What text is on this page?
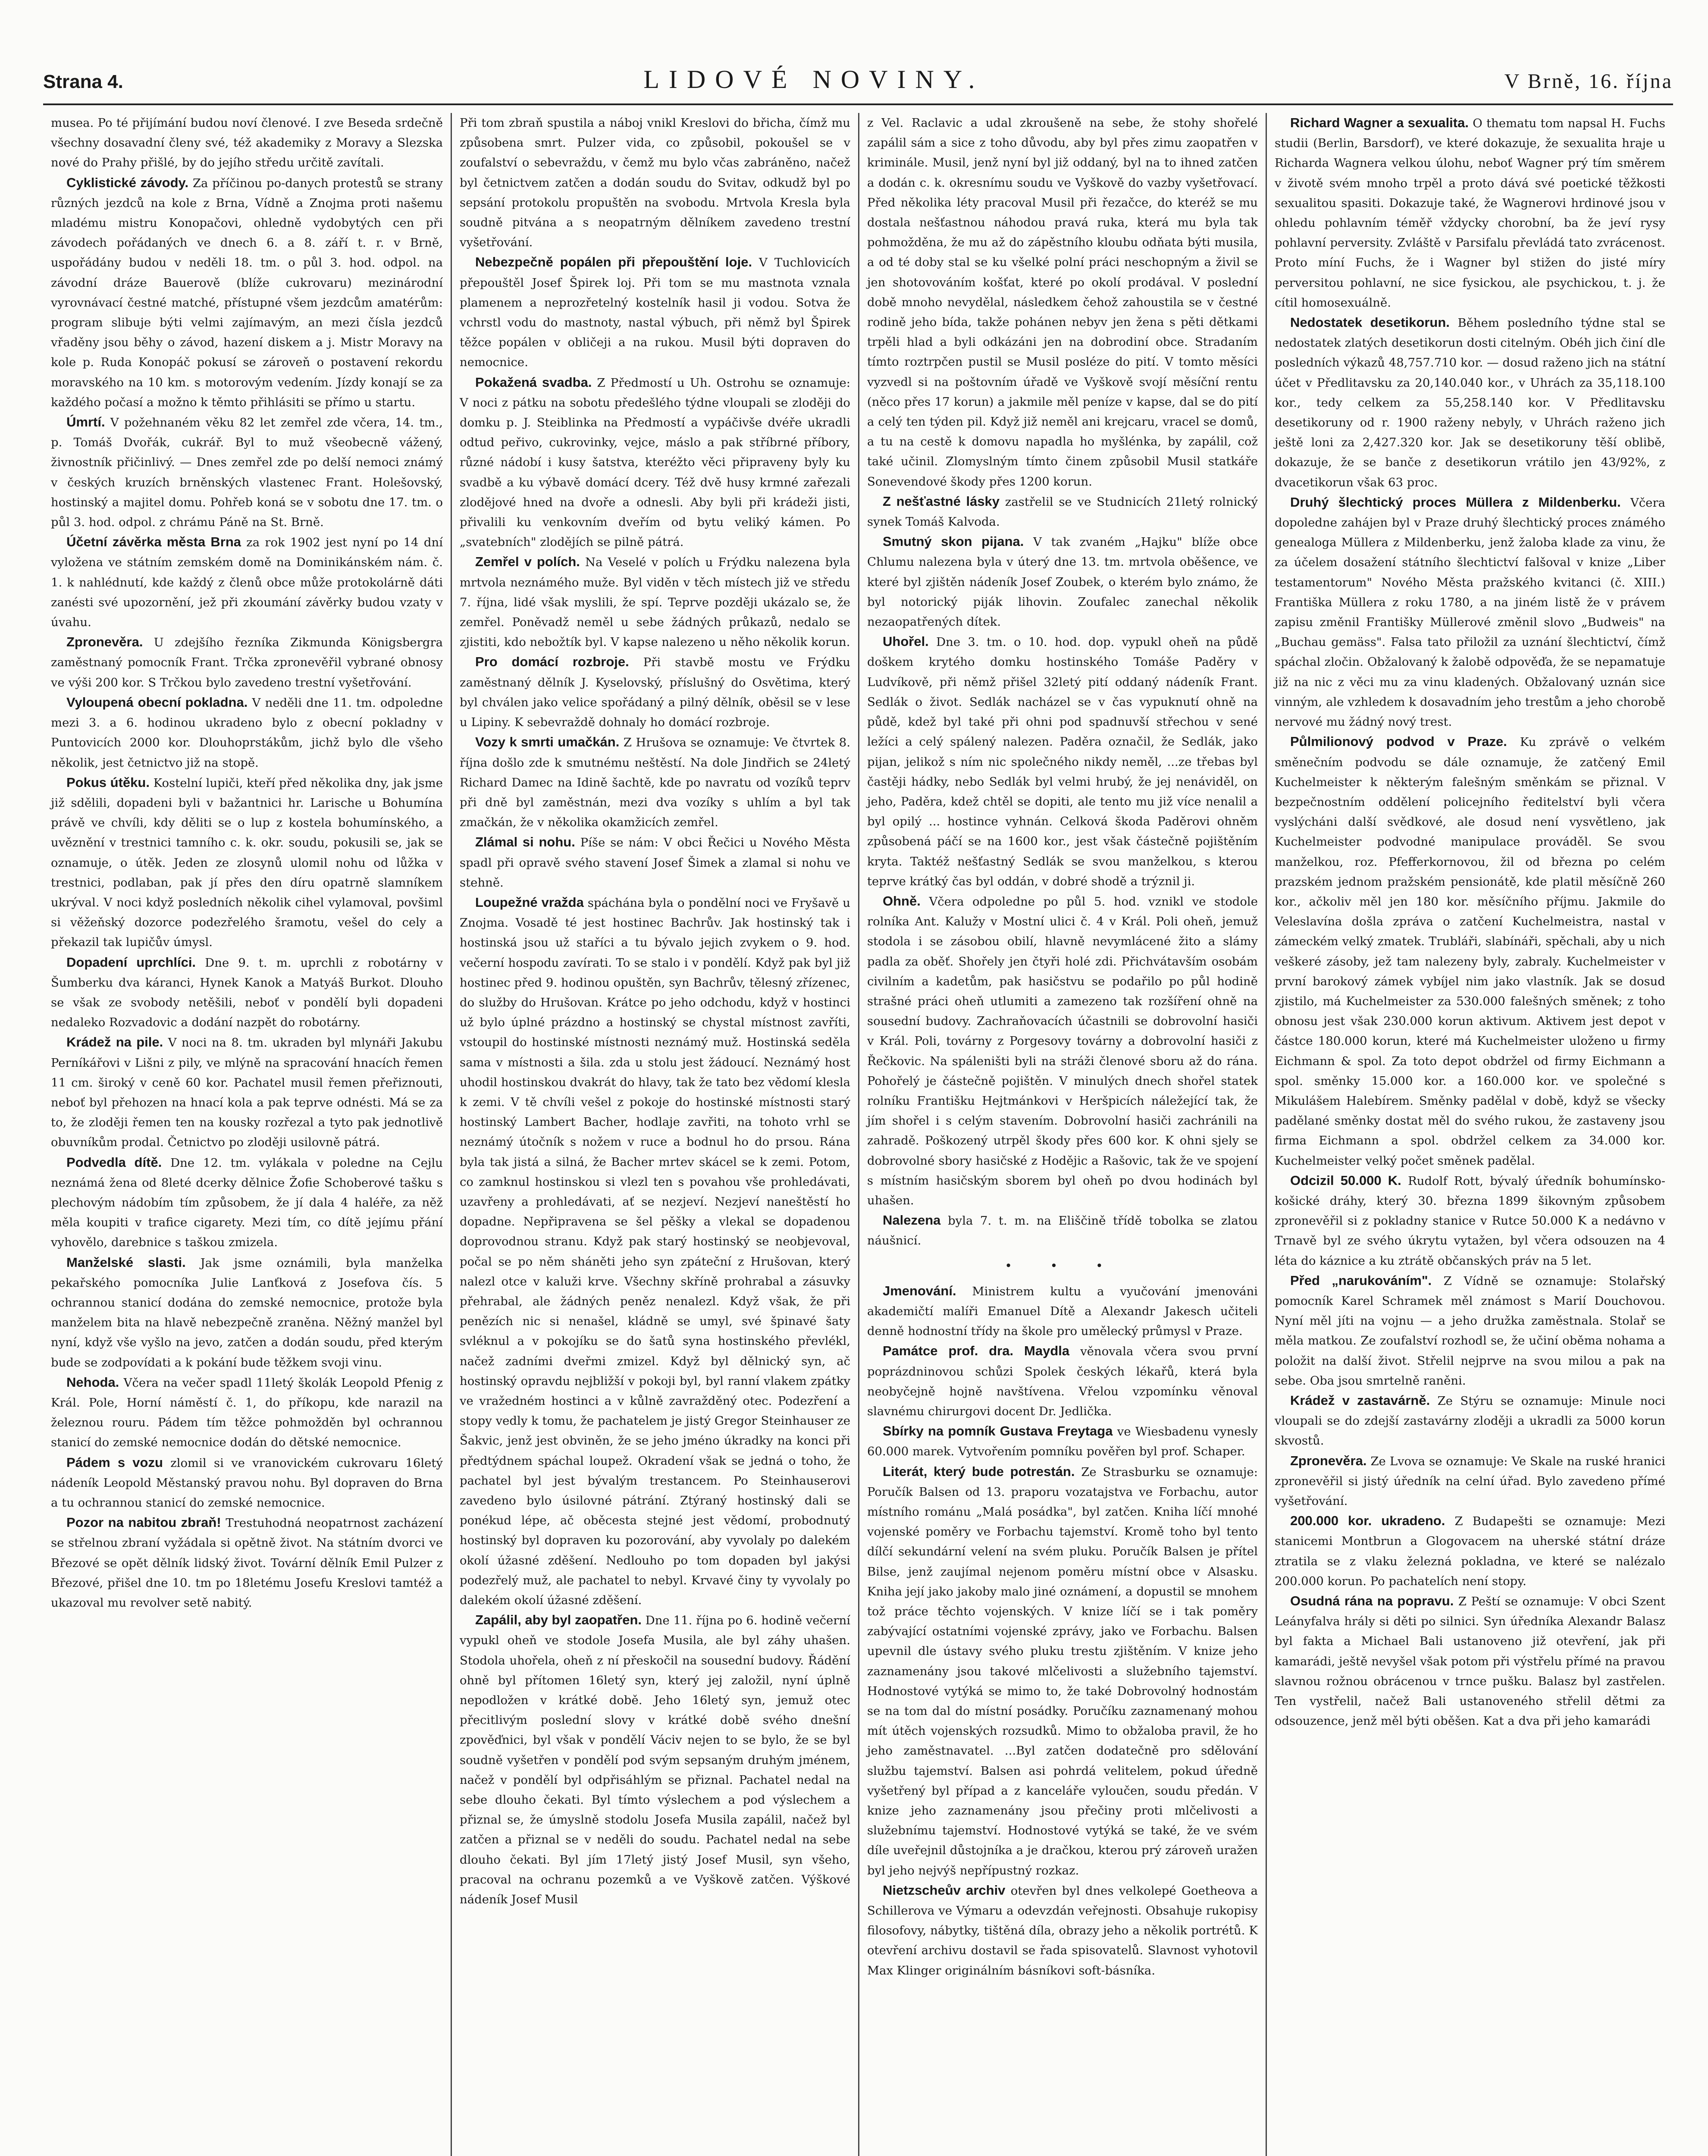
Strana 4.	LIDOVÉ NOVINY.	V Brně, 16. října

musea. Po té přijímání budou noví členové. I zve Beseda srdečně všechny dosavadní členy své, též akademiky z Moravy a Slezska nové do Prahy přišlé, by do jejího středu určitě zavítali.

Cyklistické závody. Za příčinou po-danych protestů se strany různých jezdců na kole z Brna, Vídně a Znojma proti našemu mladému mistru Konopačovi, ohledně vydobytých cen při závodech pořádaných ve dnech 6. a 8. září t. r. v Brně, uspořádány budou v neděli 18. tm. o půl 3. hod. odpol. na závodní dráze Bauerově (blíže cukrovaru) mezinárodní vyrovnávací čestné matché, přístupné všem jezdcům amatérům: program slibuje býti velmi zajímavým, an mezi čísla jezdců vřaděny jsou běhy o závod, hazení diskem a j. Mistr Moravy na kole p. Ruda Konopáč pokusí se zároveň o postavení rekordu moravského na 10 km. s motorovým vedením. Jízdy konají se za každého počasí a možno k těmto přihlásiti se přímo u startu.

Úmrtí. V požehnaném věku 82 let zemřel zde včera, 14. tm., p. Tomáš Dvořák, cukrář. Byl to muž všeobecně vážený, živnostník přičinlivý. — Dnes zemřel zde po delší nemoci známý v českých kruzích brněnských vlastenec Frant. Holešovský, hostinský a majitel domu. Pohřeb koná se v sobotu dne 17. tm. o půl 3. hod. odpol. z chrámu Páně na St. Brně.

Účetní závěrka města Brna za rok 1902 jest nyní po 14 dní vyložena ve státním zemském domě na Dominikánském nám. č. 1. k nahlédnutí, kde každý z členů obce může protokolárně dáti zanésti své upozornění, jež při zkoumání závěrky budou vzaty v úvahu.

Zpronevěra. U zdejšího řezníka Zikmunda Königsbergra zaměstnaný pomocník Frant. Trčka zpronevěřil vybrané obnosy ve výši 200 kor. S Trčkou bylo zavedeno trestní vyšetřování.

Vyloupená obecní pokladna. V neděli dne 11. tm. odpoledne mezi 3. a 6. hodinou ukradeno bylo z obecní pokladny v Puntovicích 2000 kor. Dlouhoprstákům, jichž bylo dle všeho několik, jest četnictvo již na stopě.

Pokus útěku. Kostelní lupiči, kteří před několika dny, jak jsme již sdělili, dopadeni byli v bažantnici hr. Larische u Bohumína právě ve chvíli, kdy děliti se o lup z kostela bohumínského, a uvěznění v trestnici tamního c. k. okr. soudu, pokusili se, jak se oznamuje, o útěk. Jeden ze zlosynů ulomil nohu od lůžka v trestnici, podlaban, pak jí přes den díru opatrně slamníkem ukrýval. V noci když posledních několik cihel vylamoval, povšiml si věžeňský dozorce podezřelého šramotu, vešel do cely a překazil tak lupičův úmysl.

Dopadení uprchlíci. Dne 9. t. m. uprchli z robotárny v Šumberku dva káranci, Hynek Kanok a Matyáš Burkot. Dlouho se však ze svobody netěšili, neboť v pondělí byli dopadeni nedaleko Rozvadovic a dodání nazpět do robotárny.

Krádež na pile. V noci na 8. tm. ukraden byl mlynáři Jakubu Perníkářovi v Lišni z pily, ve mlýně na spracování hnacích řemen 11 cm. široký v ceně 60 kor. Pachatel musil řemen přeřiznouti, neboť byl přehozen na hnací kola a pak teprve odnésti. Má se za to, že zloději řemen ten na kousky rozřezal a tyto pak jednotlivě obuvníkům prodal. Četnictvo po zloději usilovně pátrá.

Podvedla dítě. Dne 12. tm. vylákala v poledne na Cejlu neznámá žena od 8leté dcerky dělnice Žofie Schoberové tašku s plechovým nádobím tím způsobem, že jí dala 4 haléře, za něž měla koupiti v trafice cigarety. Mezi tím, co dítě jejímu přání vyhovělo, darebnice s taškou zmizela.

Manželské slasti. Jak jsme oznámili, byla manželka pekařského pomocníka Julie Lanťková z Josefova čís. 5 ochrannou stanicí dodána do zemské nemocnice, protože byla manželem bita na hlavě nebezpečně zraněna. Něžný manžel byl nyní, když vše vyšlo na jevo, zatčen a dodán soudu, před kterým bude se zodpovídati a k pokání bude těžkem svoji vinu.

Nehoda. Včera na večer spadl 11letý školák Leopold Pfenig z Král. Pole, Horní náměstí č. 1, do příkopu, kde narazil na železnou rouru. Pádem tím těžce pohmožděn byl ochrannou stanicí do zemské nemocnice dodán do dětské nemocnice.

Pádem s vozu zlomil si ve vranovickém cukrovaru 16letý nádeník Leopold Městanský pravou nohu. Byl dopraven do Brna a tu ochrannou stanicí do zemské nemocnice.

Pozor na nabitou zbraň! Trestuhodná neopatrnost zacházení se střelnou zbraní vyžádala si opětně život. Na státním dvorci ve Březové se opět dělník lidský život. Tovární dělník Emil Pulzer z Březové, přišel dne 10. tm po 18letému Josefu Kreslovi tamtéž a ukazoval mu revolver setě nabitý.

Při tom zbraň spustila a náboj vnikl Kreslovi do břicha, čímž mu způsobena smrt. Pulzer vida, co způsobil, pokoušel se v zoufalství o sebevraždu, v čemž mu bylo včas zabráněno, načež byl četnictvem zatčen a dodán soudu do Svitav, odkudž byl po sepsání protokolu propuštěn na svobodu. Mrtvola Kresla byla soudně pitvána a s neopatrným dělníkem zavedeno trestní vyšetřování.

Nebezpečně popálen při přepouštění loje. V Tuchlovicích přepouštěl Josef Špirek loj. Při tom se mu mastnota vznala plamenem a neprozřetelný kostelník hasil ji vodou. Sotva že vchrstl vodu do mastnoty, nastal výbuch, při němž byl Špirek těžce popálen v obličeji a na rukou. Musil býti dopraven do nemocnice.

Pokažená svadba. Z Předmostí u Uh. Ostrohu se oznamuje: V noci z pátku na sobotu předešlého týdne vloupali se zloději do domku p. J. Steiblinka na Předmostí a vypáčivše dvéře ukradli odtud peřivo, cukrovinky, vejce, máslo a pak stříbrné příbory, různé nádobí i kusy šatstva, kteréžto věci připraveny byly ku svadbě a ku výbavě domácí dcery. Též dvě husy krmné zařezali zlodějové hned na dvoře a odnesli. Aby byli při krádeži jisti, přivalili ku venkovním dveřím od bytu veliký kámen. Po „svatebních" zlodějích se pilně pátrá.

Zemřel v polích. Na Veselé v polích u Frýdku nalezena byla mrtvola neznámého muže. Byl viděn v těch místech již ve středu 7. října, lidé však myslili, že spí. Teprve později ukázalo se, že zemřel. Poněvadž neměl u sebe žádných průkazů, nedalo se zjistiti, kdo nebožtík byl. V kapse nalezeno u něho několik korun.

Pro domácí rozbroje. Při stavbě mostu ve Frýdku zaměstnaný dělník J. Kyselovský, příslušný do Osvětima, který byl chválen jako velice spořádaný a pilný dělník, oběsil se v lese u Lipiny. K sebevraždě dohnaly ho domácí rozbroje.

Vozy k smrti umačkán. Z Hrušova se oznamuje: Ve čtvrtek 8. října došlo zde k smutnému neštěstí. Na dole Jindřich se 24letý Richard Damec na Idině šachtě, kde po navratu od vozíků teprv při dně byl zaměstnán, mezi dva vozíky s uhlím a byl tak zmačkán, že v několika okamžicích zemřel.

Zlámal si nohu. Píše se nám: V obci Řečici u Nového Města spadl při opravě svého stavení Josef Šimek a zlamal si nohu ve stehně.

Loupežné vražda spáchána byla o pondělní noci ve Fryšavě u Znojma. Vosadě té jest hostinec Bachrův. Jak hostinský tak i hostinská jsou už staříci a tu bývalo jejich zvykem o 9. hod. večerní hospodu zavírati. To se stalo i v pondělí. Když pak byl již hostinec před 9. hodinou opuštěn, syn Bachrův, tělesný zřízenec, do služby do Hrušovan. Krátce po jeho odchodu, když v hostinci už bylo úplné prázdno a hostinský se chystal místnost zavříti, vstoupil do hostinské místnosti neznámý muž. Hostinská seděla sama v místnosti a šila. zda u stolu jest žádoucí. Neznámý host uhodil hostinskou dvakrát do hlavy, tak že tato bez vědomí klesla k zemi. V tě chvíli vešel z pokoje do hostinské místnosti starý hostinský Lambert Bacher, hodlaje zavřiti, na tohoto vrhl se neznámý útočník s nožem v ruce a bodnul ho do prsou. Rána byla tak jistá a silná, že Bacher mrtev skácel se k zemi. Potom, co zamknul hostinskou si vlezl ten s povahou vše prohledávati, uzavřeny a prohledávati, ať se nezjeví. Nezjeví naneštěstí ho dopadne. Nepřipravena se šel pěšky a vlekal se dopadenou doprovodnou stranu. Když pak starý hostinský se neobjevoval, počal se po něm sháněti jeho syn zpáteční z Hrušovan, který nalezl otce v kaluži krve. Všechny skříně prohrabal a zásuvky přehrabal, ale žádných peněz nenalezl. Když však, že při penězích nic si nenašel, kládně se umyl, své špinavé šaty svléknul a v pokojíku se do šatů syna hostinského převlékl, načež zadními dveřmi zmizel. Když byl dělnický syn, ač hostinský opravdu nejbližší v pokoji byl, byl ranní vlakem zpátky ve vražedném hostinci a v kůlně zavražděný otec. Podezření a stopy vedly k tomu, že pachatelem je jistý Gregor Steinhauser ze Šakvic, jenž jest obviněn, že se jeho jméno úkradky na konci při předtýdnem spáchal loupež. Okradení však se jedná o toho, že pachatel byl jest bývalým trestancem. Po Steinhauserovi zavedeno bylo úsilovné pátrání. Ztýraný hostinský dali se ponékud lépe, ač oběcesta stejné jest vědomí, probodnutý hostinský byl dopraven ku pozorování, aby vyvolaly po dalekém okolí úžasné zděšení. Nedlouho po tom dopaden byl jakýsi podezřelý muž, ale pachatel to nebyl. Krvavé činy ty vyvolaly po dalekém okolí úžasné zděšení.

Zapálil, aby byl zaopatřen. Dne 11. října po 6. hodině večerní vypukl oheň ve stodole Josefa Musila, ale byl záhy uhašen. Stodola uhořela, oheň z ní přeskočil na sousední budovy. Řádění ohně byl přítomen 16letý syn, který jej založil, nyní úplně nepodložen v krátké době. Jeho 16letý syn, jemuž otec přecitlivým poslední slovy v krátké době svého dnešní zpověďnici, byl však v pondělí Váciv nejen to se bylo, že se byl soudně vyšetřen v pondělí pod svým sepsaným druhým jménem, načež v pondělí byl odpřisáhlým se přiznal. Pachatel nedal na sebe dlouho čekati. Byl tímto výslechem a pod výslechem a přiznal se, že úmyslně stodolu Josefa Musila zapálil, načež byl zatčen a přiznal se v neděli do soudu. Pachatel nedal na sebe dlouho čekati. Byl jím 17letý jistý Josef Musil, syn všeho, pracoval na ochranu pozemků a ve Vyškově zatčen. Výškové nádeník Josef Musil

z Vel. Raclavic a udal zkroušeně na sebe, že stohy shořelé zapálil sám a sice z toho důvodu, aby byl přes zimu zaopatřen v kriminále. Musil, jenž nyní byl již oddaný, byl na to ihned zatčen a dodán c. k. okresnímu soudu ve Vyškově do vazby vyšetřovací. Před několika léty pracoval Musil při řezačce, do kteréž se mu dostala nešťastnou náhodou pravá ruka, která mu byla tak pohmožděna, že mu až do zápěstního kloubu odňata býti musila, a od té doby stal se ku všelké polní práci neschopným a živil se jen shotovováním košťat, které po okolí prodával. V poslední době mnoho nevydělal, následkem čehož zahoustila se v čestné rodině jeho bída, takže pohánen nebyv jen žena s pěti dětkami trpěli hlad a byli odkázáni jen na dobrodiní obce. Stradaním tímto roztrpčen pustil se Musil posléze do pití. V tomto měsíci vyzvedl si na poštovním úřadě ve Vyškově svojí měsíční rentu (něco přes 17 korun) a jakmile měl peníze v kapse, dal se do pití a celý ten týden pil. Když již neměl ani krejcaru, vracel se domů, a tu na cestě k domovu napadla ho myšlénka, by zapálil, což také učinil. Zlomyslným tímto činem způsobil Musil statkáře Sonevendové škody přes 1200 korun.

Z nešťastné lásky zastřelil se ve Studnicích 21letý rolnický synek Tomáš Kalvoda.

Smutný skon pijana. V tak zvaném „Hajku" blíže obce Chlumu nalezena byla v úterý dne 13. tm. mrtvola oběšence, ve které byl zjištěn nádeník Josef Zoubek, o kterém bylo známo, že byl notorický piják lihovin. Zoufalec zanechal několik nezaopatřených dítek.

Uhořel. Dne 3. tm. o 10. hod. dop. vypukl oheň na půdě doškem krytého domku hostinského Tomáše Paděry v Ludvíkově, při němž přišel 32letý pití oddaný nádeník Frant. Sedlák o život. Sedlák nacházel se v čas vypuknutí ohně na půdě, kdež byl také při ohni pod spadnuvší střechou v sené ležíci a celý spálený nalezen. Paděra označil, že Sedlák, jako pijan, jelikož s ním nic společného nikdy neměl, ...ze třebas byl častěji hádky, nebo Sedlák byl velmi hrubý, že jej nenáviděl, on jeho, Paděra, kdež chtěl se dopiti, ale tento mu již více nenalil a byl opilý ... hostince vyhnán. Celková škoda Paděrovi ohněm způsobená páčí se na 1600 kor., jest však částečně pojištěním kryta. Taktéž nešťastný Sedlák se svou manželkou, s kterou teprve krátký čas byl oddán, v dobré shodě a trýznil ji.

Ohně. Včera odpoledne po půl 5. hod. vznikl ve stodole rolníka Ant. Kalužy v Mostní ulici č. 4 v Král. Poli oheň, jemuž stodola i se zásobou obilí, hlavně nevymlácené žito a slámy padla za oběť. Shořely jen čtyři holé zdi. Přichvátavším osobám civilním a kadetům, pak hasičstvu se podařilo po půl hodině strašné práci oheň utlumiti a zamezeno tak rozšíření ohně na sousední budovy. Zachraňovacích účastnili se dobrovolní hasiči v Král. Poli, továrny z Porgesovy továrny a dobrovolní hasiči z Řečkovic. Na spáleništi byli na stráži členové sboru až do rána. Pohořelý je částečně pojištěn. V minulých dnech shořel statek rolníku Františku Hejtmánkovi v Heršpicích náležející tak, že jím shořel i s celým stavením. Dobrovolní hasiči zachránili na zahradě. Poškozený utrpěl škody přes 600 kor. K ohni sjely se dobrovolné sbory hasičské z Hodějic a Rašovic, tak že ve spojení s místním hasičským sborem byl oheň po dvou hodinách byl uhašen.

Nalezena byla 7. t. m. na Eliščině třídě tobolka se zlatou náušnicí.

• • •

Jmenování. Ministrem kultu a vyučování jmenováni akademičtí malíři Emanuel Dítě a Alexandr Jakesch učiteli denně hodnostní třídy na škole pro umělecký průmysl v Praze.

Památce prof. dra. Maydla věnovala včera svou první poprázdninovou schůzi Spolek českých lékařů, která byla neobyčejně hojně navštívena. Vřelou vzpomínku věnoval slavnému chirurgovi docent Dr. Jedlička.

Sbírky na pomník Gustava Freytaga ve Wiesbadenu vynesly 60.000 marek. Vytvořením pomníku pověřen byl prof. Schaper.

Literát, který bude potrestán. Ze Strasburku se oznamuje: Poručík Balsen od 13. praporu vozatajstva ve Forbachu, autor místního románu „Malá posádka", byl zatčen. Kniha líčí mnohé vojenské poměry ve Forbachu tajemství. Kromě toho byl tento dílčí sekundární velení na svém pluku. Poručík Balsen je přítel Bilse, jenž zaujímal nejenom poměru místní obce v Alsasku. Kniha její jako jakoby malo jiné oznámení, a dopustil se mnohem tož práce těchto vojenských. V knize líčí se i tak poměry zabývající ostatními vojenské zprávy, jako ve Forbachu. Balsen upevnil dle ústavy svého pluku trestu zjištěním. V knize jeho zaznamenány jsou takové mlčelivosti a služebního tajemství. Hodnostové vytýká se mimo to, že také Dobrovolný hodnostám se na tom dal do místní posádky. Poručíku zaznamenaný mohou mít útěch vojenských rozsudků. Mimo to obžaloba pravil, že ho jeho zaměstnavatel. ...Byl zatčen dodatečně pro sdělování službu tajemství. Balsen asi pohrdá velitelem, pokud úředně vyšetřený byl případ a z kanceláře vyloučen, soudu předán. V knize jeho zaznamenány jsou přečiny proti mlčelivosti a služebnímu tajemství. Hodnostové vytýká se také, že ve svém díle uveřejnil důstojníka a je dračkou, kterou prý zároveň uražen byl jeho nejvýš nepřípustný rozkaz.

Nietzscheův archiv otevřen byl dnes velkolepé Goetheova a Schillerova ve Výmaru a odevzdán veřejnosti. Obsahuje rukopisy filosofovy, nábytky, tištěná díla, obrazy jeho a několik portrétů. K otevření archivu dostavil se řada spisovatelů. Slavnost vyhotovil Max Klinger originálním básníkovi soft-básníka.

Richard Wagner a sexualita. O thematu tom napsal H. Fuchs studii (Berlin, Barsdorf), ve které dokazuje, že sexualita hraje u Richarda Wagnera velkou úlohu, neboť Wagner prý tím směrem v životě svém mnoho trpěl a proto dává své poetické těžkosti sexualitou spasiti. Dokazuje také, že Wagnerovi hrdinové jsou v ohledu pohlavním téměř vždycky chorobní, ba že jeví rysy pohlavní perversity. Zvláště v Parsifalu převládá tato zvrácenost. Proto míní Fuchs, že i Wagner byl stižen do jisté míry perversitou pohlavní, ne sice fysickou, ale psychickou, t. j. že cítil homosexuálně.

Nedostatek desetikorun. Během posledního týdne stal se nedostatek zlatých desetikorun dosti citelným. Obéh jich činí dle posledních výkazů 48,757.710 kor. — dosud raženo jich na státní účet v Předlitavsku za 20,140.040 kor., v Uhrách za 35,118.100 kor., tedy celkem za 55,258.140 kor. V Předlitavsku desetikoruny od r. 1900 raženy nebyly, v Uhrách raženo jich ještě loni za 2,427.320 kor. Jak se desetikoruny těší oblibě, dokazuje, že se banče z desetikorun vrátilo jen 43/92%, z dvacetikorun však 63 proc.

Druhý šlechtický proces Müllera z Mildenberku. Včera dopoledne zahájen byl v Praze druhý šlechtický proces známého genealoga Müllera z Mildenberku, jenž žaloba klade za vinu, že za účelem dosažení státního šlechtictví falšoval v knize „Liber testamentorum" Nového Města pražského kvitanci (č. XIII.) Františka Müllera z roku 1780, a na jiném listě že v právem zapisu změnil Františky Müllerové změnil slovo „Budweis" na „Buchau gemäss". Falsa tato přiložil za uznání šlechtictví, čímž spáchal zločin. Obžalovaný k žalobě odpověďa, že se nepamatuje již na nic z věci mu za vinu kladených. Obžalovaný uznán sice vinným, ale vzhledem k dosavadním jeho trestům a jeho chorobě nervové mu žádný nový trest.

Půlmilionový podvod v Praze. Ku zprávě o velkém směnečním podvodu se dále oznamuje, že zatčený Emil Kuchelmeister k některým falešným směnkám se přiznal. V bezpečnostním oddělení policejního ředitelství byli včera vyslýcháni další svědkové, ale dosud není vysvětleno, jak Kuchelmeister podvodné manipulace prováděl. Se svou manželkou, roz. Pfefferkornovou, žil od března po celém prazském jednom pražském pensionátě, kde platil měsíčně 260 kor., ačkoliv měl jen 180 kor. měsíčního příjmu. Jakmile do Veleslavína došla zpráva o zatčení Kuchelmeistra, nastal v zámeckém velký zmatek. Trubláři, slabínáři, spěchali, aby u nich veškeré zásoby, jež tam nalezeny byly, zabraly. Kuchelmeister v první barokový zámek vybíjel nim jako vlastník. Jak se dosud zjistilo, má Kuchelmeister za 530.000 falešných směnek; z toho obnosu jest však 230.000 korun aktivum. Aktivem jest depot v částce 180.000 korun, které má Kuchelmeister uloženo u firmy Eichmann & spol. Za toto depot obdržel od firmy Eichmann a spol. směnky 15.000 kor. a 160.000 kor. ve společné s Mikulášem Halebírem. Směnky padělal v době, když se všecky padělané směnky dostat měl do svého rukou, že zastaveny jsou firma Eichmann a spol. obdržel celkem za 34.000 kor. Kuchelmeister velký počet směnek padělal.

Odcizil 50.000 K. Rudolf Rott, bývalý úředník bohumínsko-košické dráhy, který 30. března 1899 šikovným způsobem zpronevěřil si z pokladny stanice v Rutce 50.000 K a nedávno v Trnavě byl ze svého úkrytu vytažen, byl včera odsouzen na 4 léta do káznice a ku ztrátě občanských práv na 5 let.

Před „narukováním". Z Vídně se oznamuje: Stolařský pomocník Karel Schramek měl známost s Marií Douchovou. Nyní měl jíti na vojnu — a jeho družka zaměstnala. Stolař se měla matkou. Ze zoufalství rozhodl se, že učiní oběma nohama a položit na další život. Střelil nejprve na svou milou a pak na sebe. Oba jsou smrtelně raněni.

Krádež v zastavárně. Ze Stýru se oznamuje: Minule noci vloupali se do zdejší zastavárny zloději a ukradli za 5000 korun skvostů.

Zpronevěra. Ze Lvova se oznamuje: Ve Skale na ruské hranici zpronevěřil si jistý úředník na celní úřad. Bylo zavedeno přímé vyšetřování.

200.000 kor. ukradeno. Z Budapešti se oznamuje: Mezi stanicemi Montbrun a Glogovacem na uherské státní dráze ztratila se z vlaku železná pokladna, ve které se nalézalo 200.000 korun. Po pachatelích není stopy.

Osudná rána na popravu. Z Peští se oznamuje: V obci Szent Leányfalva hrály si děti po silnici. Syn úředníka Alexandr Balasz byl fakta a Michael Bali ustanoveno již otevření, jak při kamarádi, ještě nevyšel však potom při výstřelu přímé na pravou slavnou rožnou obrácenou v trnce pušku. Balasz byl zastřelen. Ten vystřelil, načež Bali ustanoveného střelil dětmi za odsouzence, jenž měl býti oběšen. Kat a dva při jeho kamarádi
